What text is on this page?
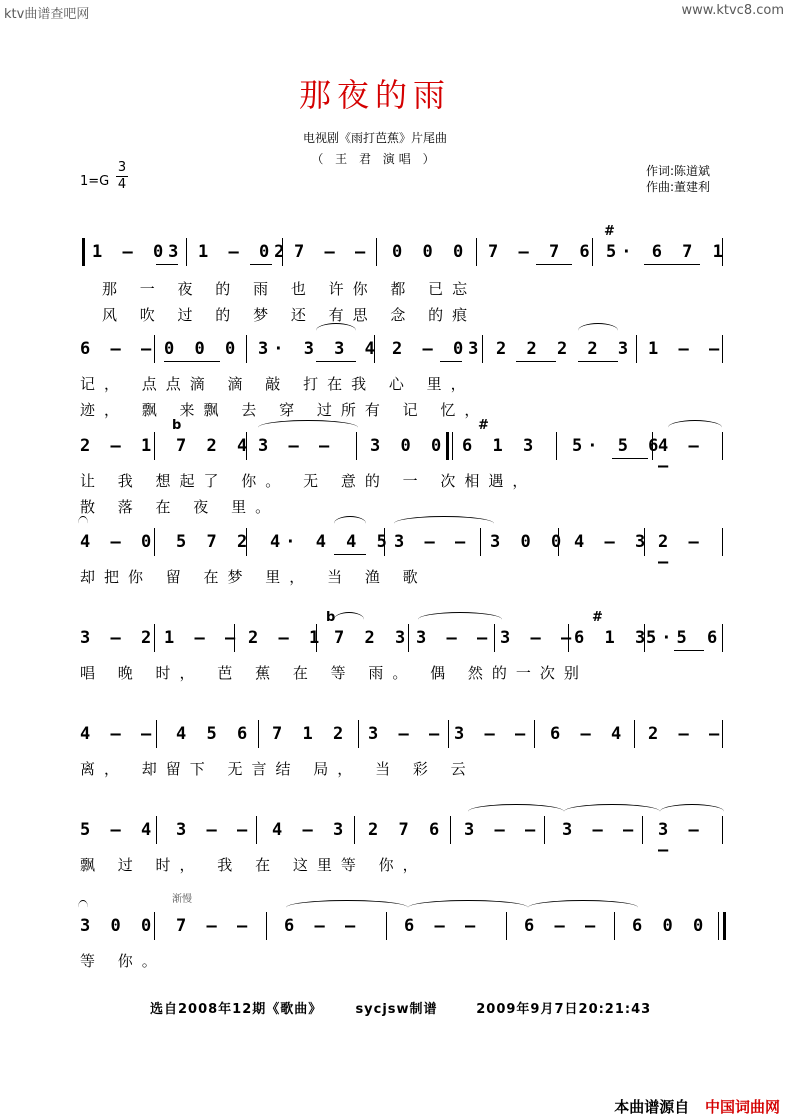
ktv曲谱查吧网	www.ktvc8.com
那夜的雨
电视剧《雨打芭蕉》片尾曲
（ 王 君 演唱 ）
$1=G \frac{3}{4}$	作词:陈道斌
作曲:董建利
1 — 03 1 — 02 7 — — 0 0 0 7 — 7 6
#
5· 6 7 1
那 一 夜 的 雨 也 许你 都 已忘
风 吹 过 的 梦 还 有思 念 的痕
6 — — 0 0 0 3· 3 3 4 2 — 03 2 2 2 2 3 1 — —
记， 点点滴 滴 敲 打在我 心 里，
迹， 飘 来飘 去 穿 过所有 记 忆，
2 — 1
b
7 2 4 3 — — 3 0 0
#
6 1 3 5· 5 6
4 — —
让 我 想起了 你。 无 意的 一 次相遇，
散 落 在 夜 里。
4 — 0 5 7 2 4· 4 4 5 3 — — 3 0 0 4 — 3 2 — —
却把你 留 在梦 里， 当 渔 歌
3 — 2 1 — — 2 — 1
b
7 2 3 3 — — 3 — —
#
6 1 3
5·5 6
唱 晚 时， 芭 蕉 在 等 雨。 偶 然的一次别
4 — — 4 5 6 7 1 2 3 — — 3 — — 6 — 4 2 — —
离， 却留下 无言结 局， 当 彩 云
5 — 4 3 — — 4 — 3 2 7 6 3 — — 3 — — 3 — —
飘 过 时， 我 在 这里等 你，
3 0 0
渐慢
7 — — 6 — —	6 — —	6 — — 6 0 0
等 你。
选自2008年12期《歌曲》	sycjsw制谱	2009年9月7日20:21:43
本曲谱源自 中国词曲网
